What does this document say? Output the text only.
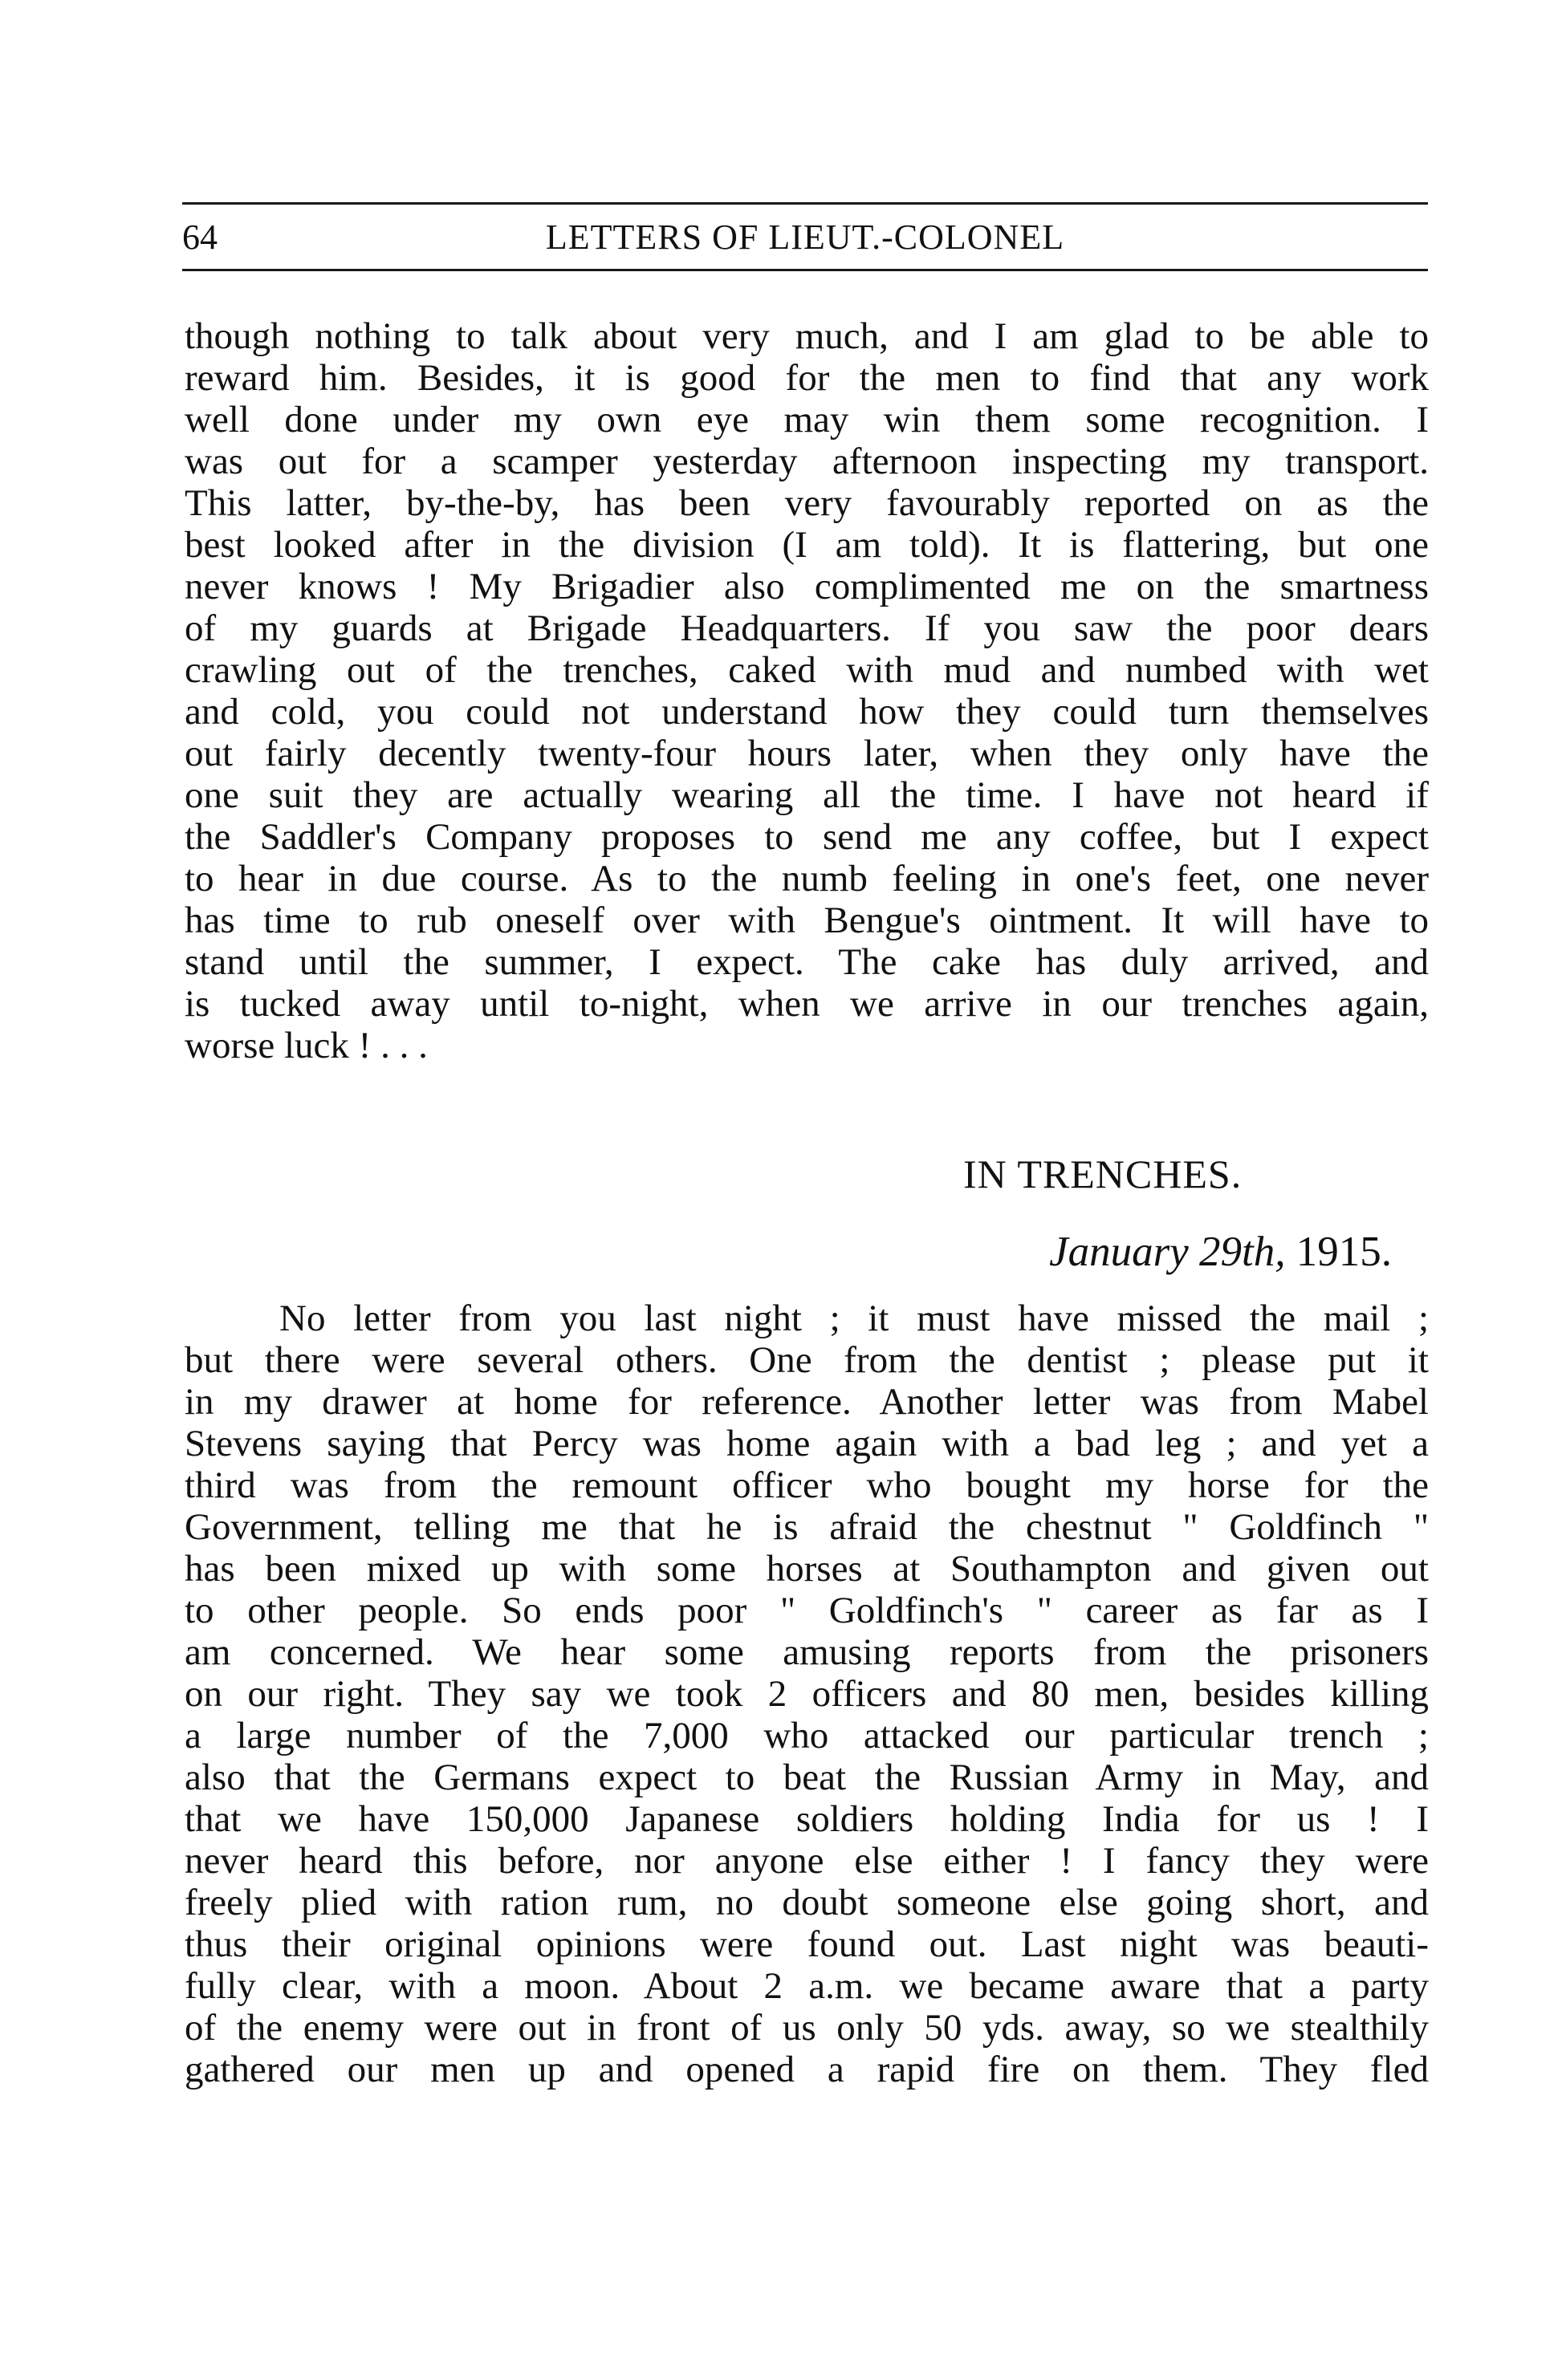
64	LETTERS OF LIEUT.-COLONEL
though nothing to talk about very much, and I am glad to be able to
reward him. Besides, it is good for the men to find that any work
well done under my own eye may win them some recognition. I
was out for a scamper yesterday afternoon inspecting my transport.
This latter, by-the-by, has been very favourably reported on as the
best looked after in the division (I am told). It is flattering, but one
never knows ! My Brigadier also complimented me on the smartness
of my guards at Brigade Headquarters. If you saw the poor dears
crawling out of the trenches, caked with mud and numbed with wet
and cold, you could not understand how they could turn themselves
out fairly decently twenty-four hours later, when they only have the
one suit they are actually wearing all the time. I have not heard if
the Saddler's Company proposes to send me any coffee, but I expect
to hear in due course. As to the numb feeling in one's feet, one never
has time to rub oneself over with Bengue's ointment. It will have to
stand until the summer, I expect. The cake has duly arrived, and
is tucked away until to-night, when we arrive in our trenches again,
worse luck ! . . .
IN TRENCHES.
January 29th, 1915.
No letter from you last night ; it must have missed the mail ;
but there were several others. One from the dentist ; please put it
in my drawer at home for reference. Another letter was from Mabel
Stevens saying that Percy was home again with a bad leg ; and yet a
third was from the remount officer who bought my horse for the
Government, telling me that he is afraid the chestnut " Goldfinch "
has been mixed up with some horses at Southampton and given out
to other people. So ends poor " Goldfinch's " career as far as I
am concerned. We hear some amusing reports from the prisoners
on our right. They say we took 2 officers and 80 men, besides killing
a large number of the 7,000 who attacked our particular trench ;
also that the Germans expect to beat the Russian Army in May, and
that we have 150,000 Japanese soldiers holding India for us ! I
never heard this before, nor anyone else either ! I fancy they were
freely plied with ration rum, no doubt someone else going short, and
thus their original opinions were found out. Last night was beauti-
fully clear, with a moon. About 2 a.m. we became aware that a party
of the enemy were out in front of us only 50 yds. away, so we stealthily
gathered our men up and opened a rapid fire on them. They fled
